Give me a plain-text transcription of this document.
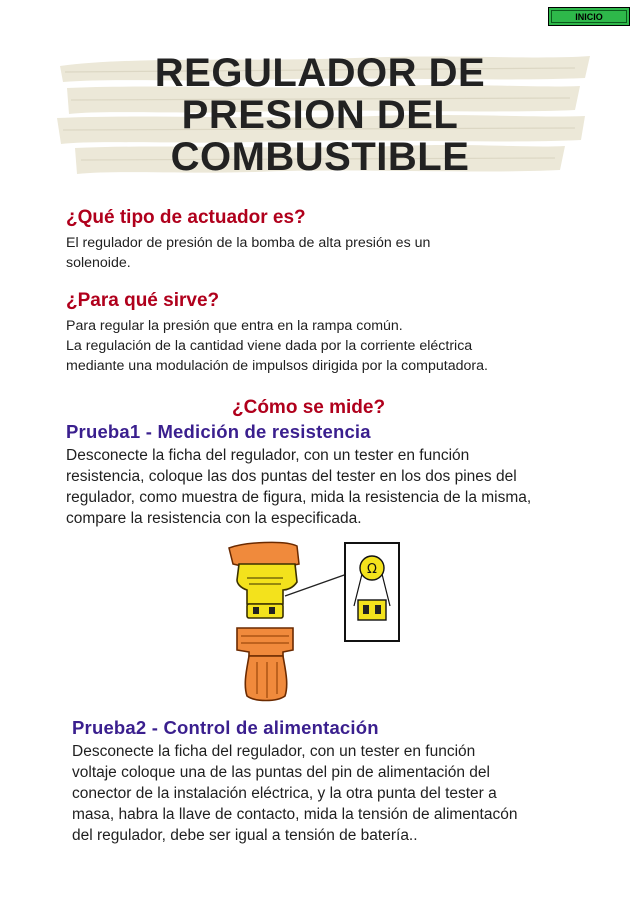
INICIO
REGULADOR DE
PRESION DEL
COMBUSTIBLE
¿Qué tipo de actuador es?
El regulador de presión de la bomba de alta presión es un
solenoide.
¿Para qué sirve?
Para regular la presión que entra en la rampa común.
La regulación de la cantidad viene dada por la corriente eléctrica
mediante una modulación de impulsos dirigida por la computadora.
¿Cómo se mide?
Prueba1 - Medición de resistencia
Desconecte la ficha del regulador, con un tester en función
resistencia, coloque las dos puntas del tester en los dos pines del
regulador, como muestra de figura, mida la resistencia de la misma,
compare la resistencia con la especificada.
Ω
Prueba2 - Control de alimentación
Desconecte la ficha del regulador, con un tester en función
voltaje coloque una de las puntas del pin de alimentación del
conector de la instalación eléctrica, y la otra punta del tester a
masa, habra la llave de contacto, mida la tensión de alimentacón
del regulador, debe ser igual a tensión de batería..
